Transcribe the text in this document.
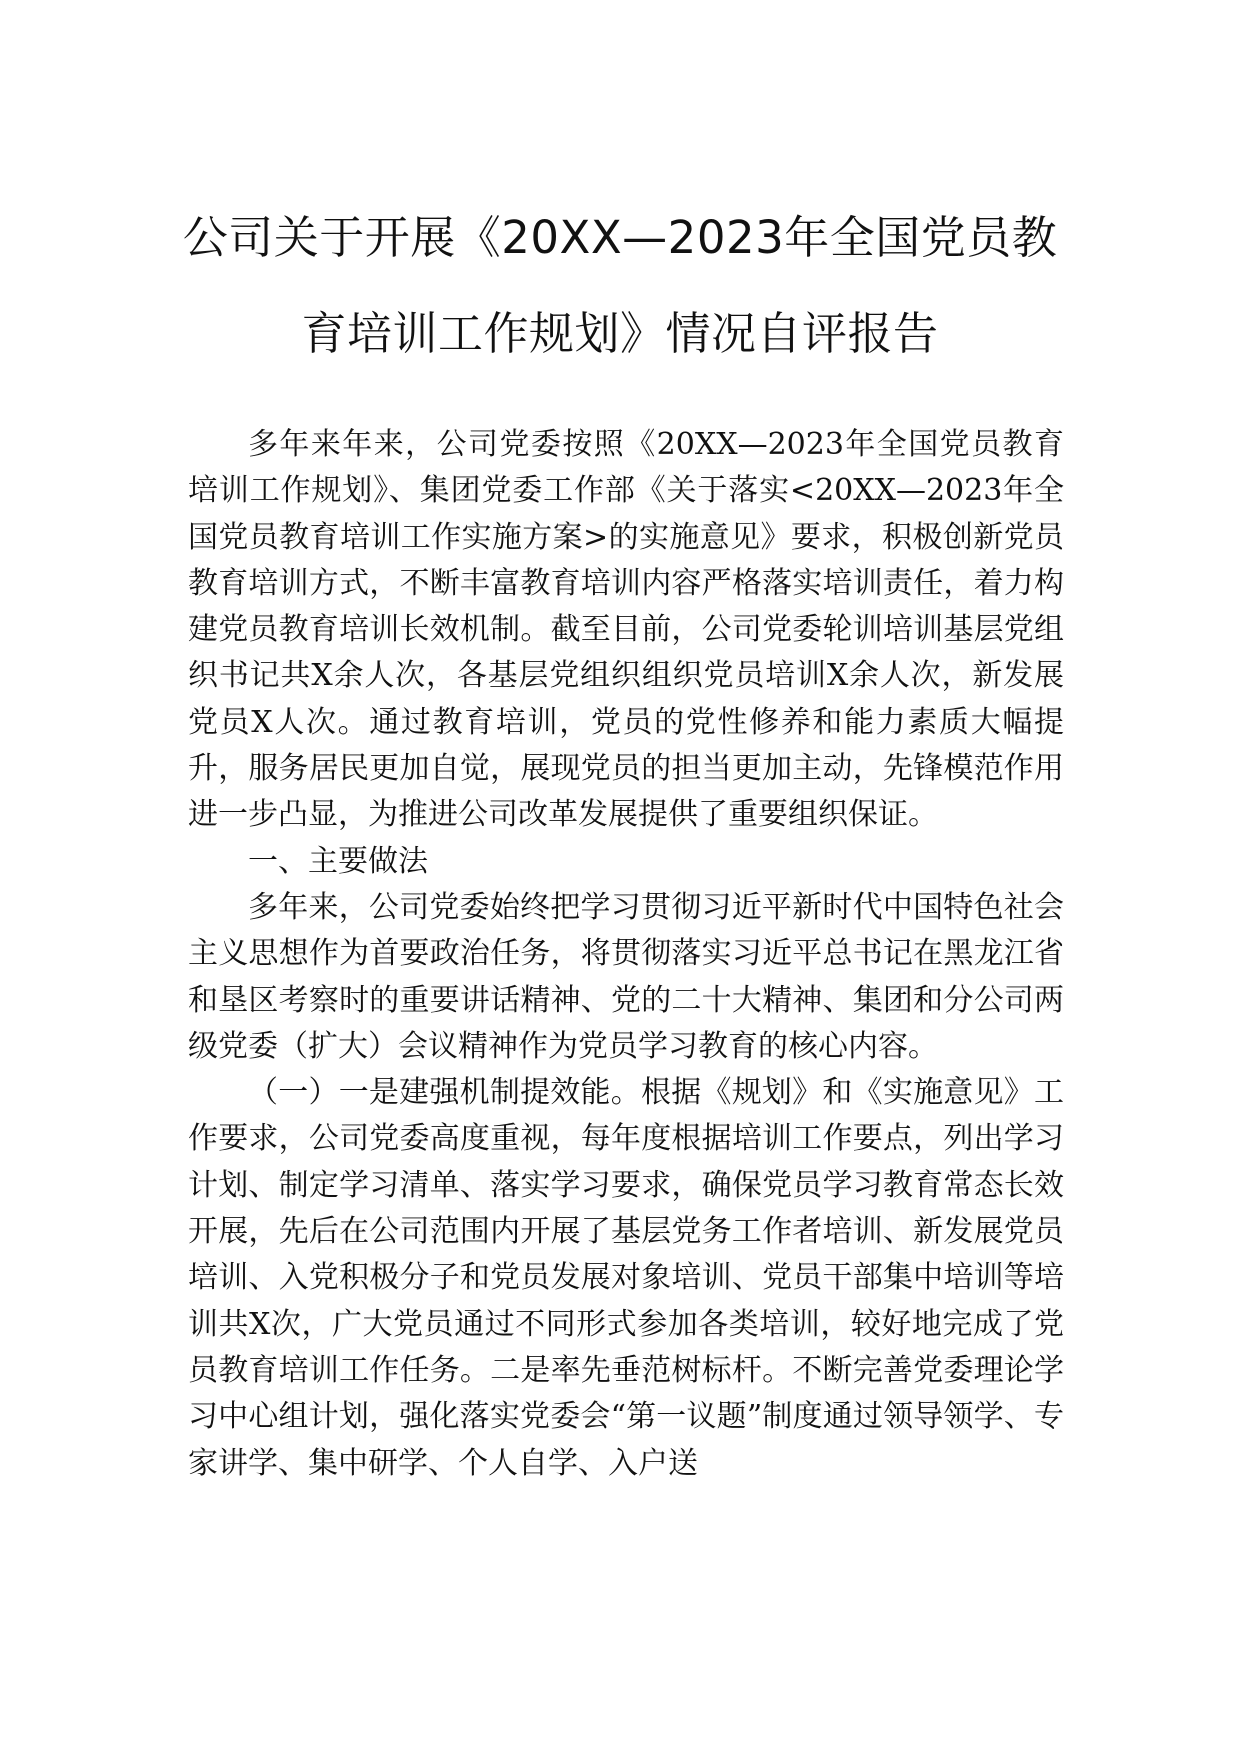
公司关于开展《20XX—2023年全国党员教
育培训工作规划》情况自评报告

多年来年来，公司党委按照《20XX—2023年全国党员教育培训工作规划》、集团党委工作部《关于落实<20XX—2023年全国党员教育培训工作实施方案>的实施意见》要求，积极创新党员教育培训方式，不断丰富教育培训内容严格落实培训责任，着力构建党员教育培训长效机制。截至目前，公司党委轮训培训基层党组织书记共X余人次，各基层党组织组织党员培训X余人次，新发展党员X人次。通过教育培训，党员的党性修养和能力素质大幅提升，服务居民更加自觉，展现党员的担当更加主动，先锋模范作用进一步凸显，为推进公司改革发展提供了重要组织保证。

一、主要做法

多年来，公司党委始终把学习贯彻习近平新时代中国特色社会主义思想作为首要政治任务，将贯彻落实习近平总书记在黑龙江省和垦区考察时的重要讲话精神、党的二十大精神、集团和分公司两级党委（扩大）会议精神作为党员学习教育的核心内容。

（一）一是建强机制提效能。根据《规划》和《实施意见》工作要求，公司党委高度重视，每年度根据培训工作要点，列出学习计划、制定学习清单、落实学习要求，确保党员学习教育常态长效开展，先后在公司范围内开展了基层党务工作者培训、新发展党员培训、入党积极分子和党员发展对象培训、党员干部集中培训等培训共X次，广大党员通过不同形式参加各类培训，较好地完成了党员教育培训工作任务。二是率先垂范树标杆。不断完善党委理论学习中心组计划，强化落实党委会“第一议题”制度通过领导领学、专家讲学、集中研学、个人自学、入户送
